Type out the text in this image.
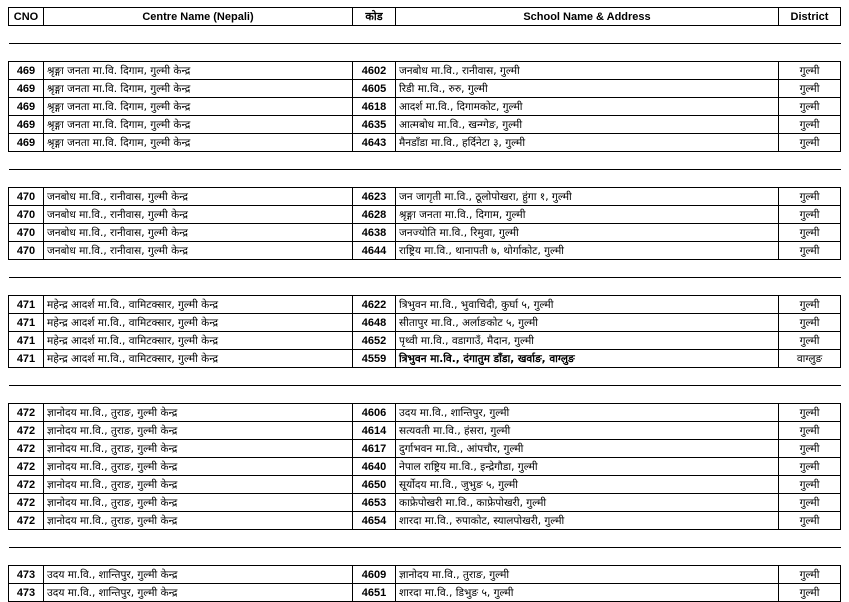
CNO	Centre Name (Nepali)	कोड	School Name & Address	District

469	श्रृङ्गा जनता मा.वि. दिगाम, गुल्मी केन्द्र	4602	जनबोध मा.वि., रानीवास, गुल्मी	गुल्मी
469	श्रृङ्गा जनता मा.वि. दिगाम, गुल्मी केन्द्र	4605	रिडी मा.वि., रुरु, गुल्मी	गुल्मी
469	श्रृङ्गा जनता मा.वि. दिगाम, गुल्मी केन्द्र	4618	आदर्श मा.वि., दिगामकोट, गुल्मी	गुल्मी
469	श्रृङ्गा जनता मा.वि. दिगाम, गुल्मी केन्द्र	4635	आत्मबोध मा.वि., खन्ग्गेङ, गुल्मी	गुल्मी
469	श्रृङ्गा जनता मा.वि. दिगाम, गुल्मी केन्द्र	4643	मैनडाँडा मा.वि., हर्दिनेटा ३, गुल्मी	गुल्मी

470	जनबोध मा.वि., रानीवास, गुल्मी केन्द्र	4623	जन जागृती मा.वि., ठूलोपोखरा, हुंगा १, गुल्मी	गुल्मी
470	जनबोध मा.वि., रानीवास, गुल्मी केन्द्र	4628	श्रृङ्गा जनता मा.वि., दिगाम, गुल्मी	गुल्मी
470	जनबोध मा.वि., रानीवास, गुल्मी केन्द्र	4638	जनज्योति मा.वि., रिमुवा, गुल्मी	गुल्मी
470	जनबोध मा.वि., रानीवास, गुल्मी केन्द्र	4644	राष्ट्रिय मा.वि., थानापती ७, थोर्गाकोट, गुल्मी	गुल्मी

471	महेन्द्र आदर्श मा.वि., वामिटक्सार, गुल्मी केन्द्र	4622	त्रिभुवन मा.वि., भुवाचिदी, कुर्घा ५, गुल्मी	गुल्मी
471	महेन्द्र आदर्श मा.वि., वामिटक्सार, गुल्मी केन्द्र	4648	सीतापुर मा.वि., अर्लाङकोट ५, गुल्मी	गुल्मी
471	महेन्द्र आदर्श मा.वि., वामिटक्सार, गुल्मी केन्द्र	4652	पृथ्वी मा.वि., वडागाउँ, मैदान, गुल्मी	गुल्मी
471	महेन्द्र आदर्श मा.वि., वामिटक्सार, गुल्मी केन्द्र	4559	त्रिभुवन मा.वि., दंगातुम डाँडा, खर्वाङ, वाग्लुङ	वाग्लुङ

472	ज्ञानोदय मा.वि., तुराङ, गुल्मी केन्द्र	4606	उदय मा.वि., शान्तिपुर, गुल्मी	गुल्मी
472	ज्ञानोदय मा.वि., तुराङ, गुल्मी केन्द्र	4614	सत्यवती मा.वि., हंसरा, गुल्मी	गुल्मी
472	ज्ञानोदय मा.वि., तुराङ, गुल्मी केन्द्र	4617	दुर्गाभवन मा.वि., आंपचौर, गुल्मी	गुल्मी
472	ज्ञानोदय मा.वि., तुराङ, गुल्मी केन्द्र	4640	नेपाल राष्ट्रिय मा.वि., इन्द्रेगौडा, गुल्मी	गुल्मी
472	ज्ञानोदय मा.वि., तुराङ, गुल्मी केन्द्र	4650	सूर्योदय मा.वि., जुभुङ ५, गुल्मी	गुल्मी
472	ज्ञानोदय मा.वि., तुराङ, गुल्मी केन्द्र	4653	काफ्रेपोखरी मा.वि., काफ्रेपोखरी, गुल्मी	गुल्मी
472	ज्ञानोदय मा.वि., तुराङ, गुल्मी केन्द्र	4654	शारदा मा.वि., रुपाकोट, स्यालपोखरी, गुल्मी	गुल्मी

473	उदय मा.वि., शान्तिपुर, गुल्मी केन्द्र	4609	ज्ञानोदय मा.वि., तुराङ, गुल्मी	गुल्मी
473	उदय मा.वि., शान्तिपुर, गुल्मी केन्द्र	4651	शारदा मा.वि., डिभुङ ५, गुल्मी	गुल्मी
